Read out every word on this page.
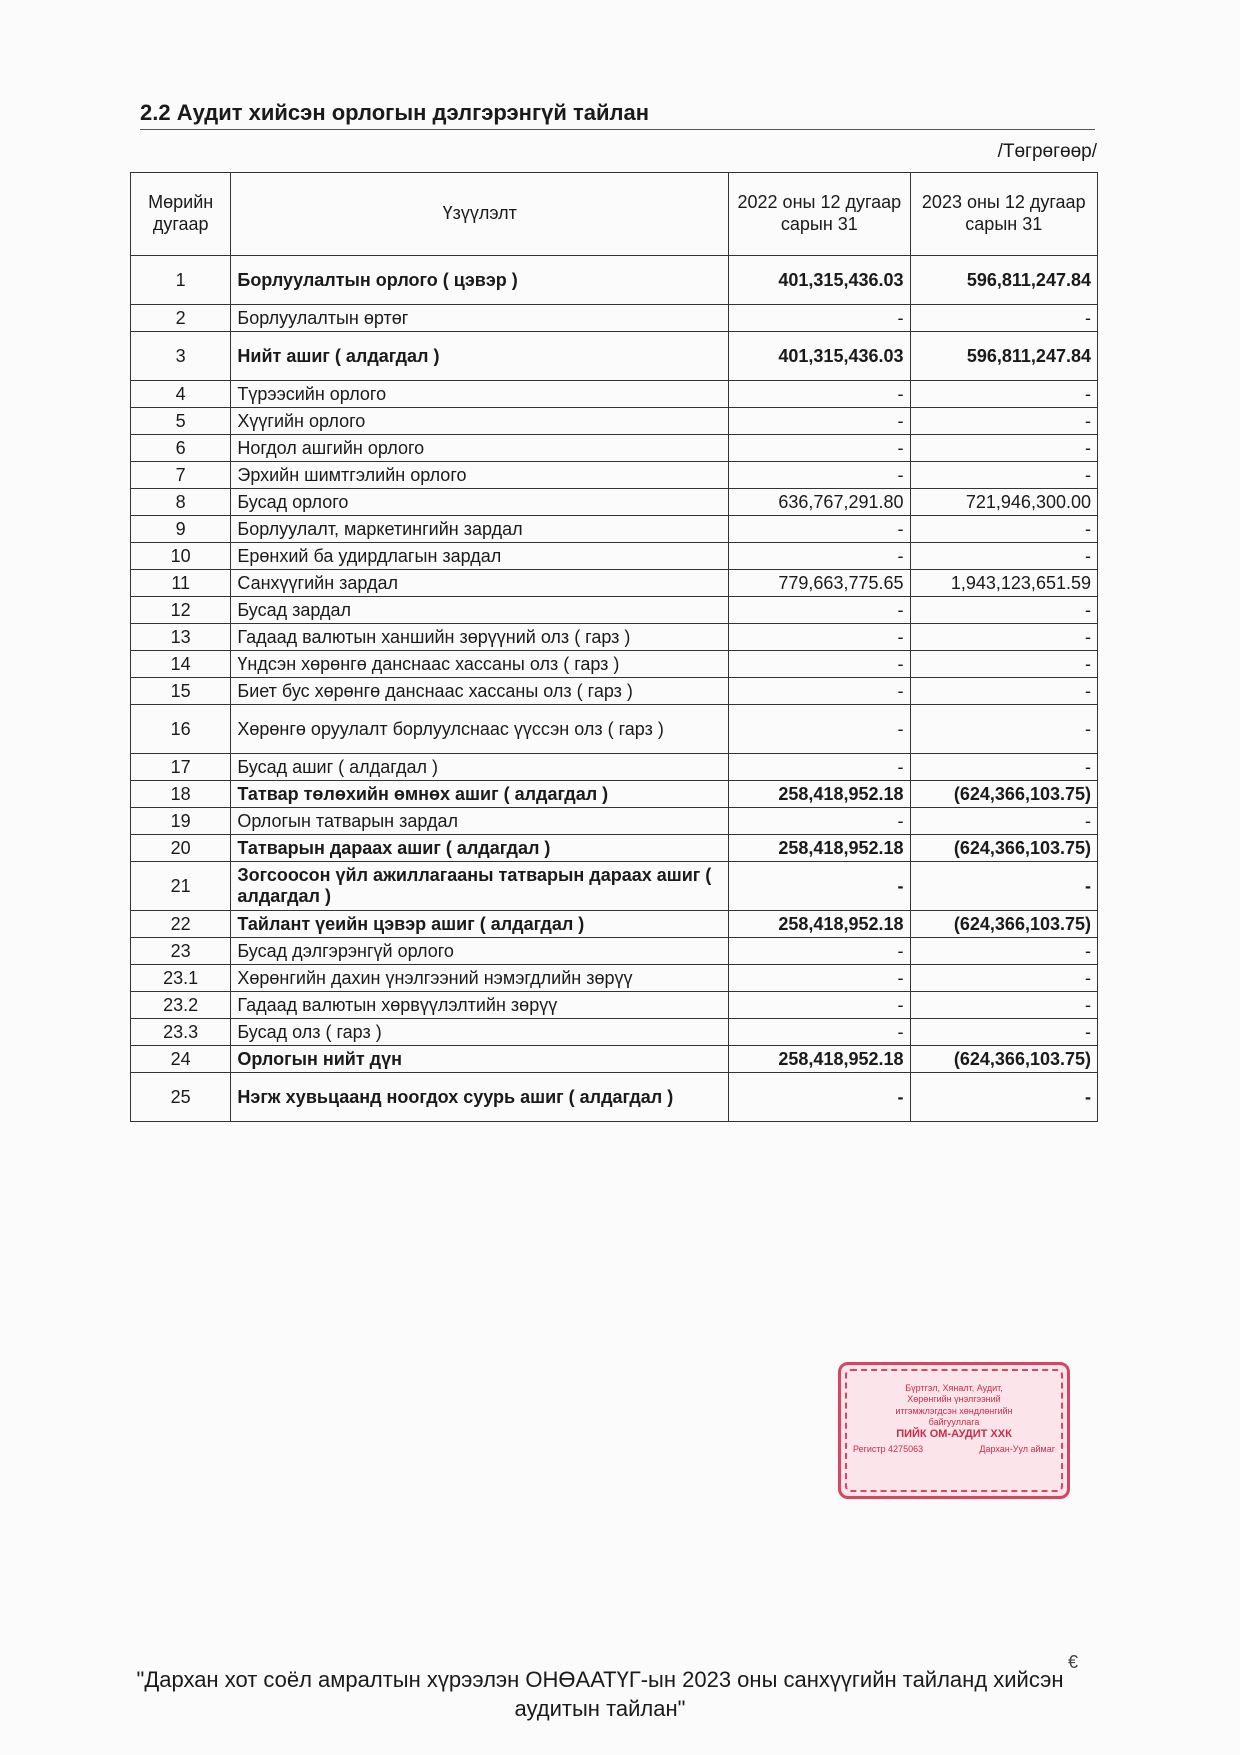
2.2 Аудит хийсэн орлогын дэлгэрэнгүй тайлан
/Төгрөгөөр/
Мөрийн дугаар	Үзүүлэлт	2022 оны 12 дугаар сарын 31	2023 оны 12 дугаар сарын 31
1	Борлуулалтын орлого ( цэвэр )	401,315,436.03	596,811,247.84
2	Борлуулалтын өртөг	-	-
3	Нийт ашиг ( алдагдал )	401,315,436.03	596,811,247.84
4	Түрээсийн орлого	-	-
5	Хүүгийн орлого	-	-
6	Ногдол ашгийн орлого	-	-
7	Эрхийн шимтгэлийн орлого	-	-
8	Бусад орлого	636,767,291.80	721,946,300.00
9	Борлуулалт, маркетингийн зардал	-	-
10	Ерөнхий ба удирдлагын зардал	-	-
11	Санхүүгийн зардал	779,663,775.65	1,943,123,651.59
12	Бусад зардал	-	-
13	Гадаад валютын ханшийн зөрүүний олз ( гарз )	-	-
14	Үндсэн хөрөнгө данснаас хассаны олз ( гарз )	-	-
15	Биет бус хөрөнгө данснаас хассаны олз ( гарз )	-	-
16	Хөрөнгө оруулалт борлуулснаас үүссэн олз ( гарз )	-	-
17	Бусад ашиг ( алдагдал )	-	-
18	Татвар төлөхийн өмнөх ашиг ( алдагдал )	258,418,952.18	(624,366,103.75)
19	Орлогын татварын зардал	-	-
20	Татварын дараах ашиг ( алдагдал )	258,418,952.18	(624,366,103.75)
21	Зогсоосон үйл ажиллагааны татварын дараах ашиг ( алдагдал )	-	-
22	Тайлант үеийн цэвэр ашиг ( алдагдал )	258,418,952.18	(624,366,103.75)
23	Бусад дэлгэрэнгүй орлого	-	-
23.1	Хөрөнгийн дахин үнэлгээний нэмэгдлийн зөрүү	-	-
23.2	Гадаад валютын хөрвүүлэлтийн зөрүү	-	-
23.3	Бусад олз ( гарз )	-	-
24	Орлогын нийт дүн	258,418,952.18	(624,366,103.75)
25	Нэгж хувьцаанд ноогдох суурь ашиг ( алдагдал )	-	-
Бүртгэл, Хяналт, Аудит,
Хөрөнгийн үнэлгээний
итгэмжлэгдсэн хөндлөнгийн
байгууллага
ПИЙК ОМ-АУДИТ ХХК
Регистр 4275063	Дархан-Уул аймаг
€
"Дархан хот соёл амралтын хүрээлэн ОНӨААТҮГ-ын 2023 оны санхүүгийн тайланд хийсэн аудитын тайлан"
